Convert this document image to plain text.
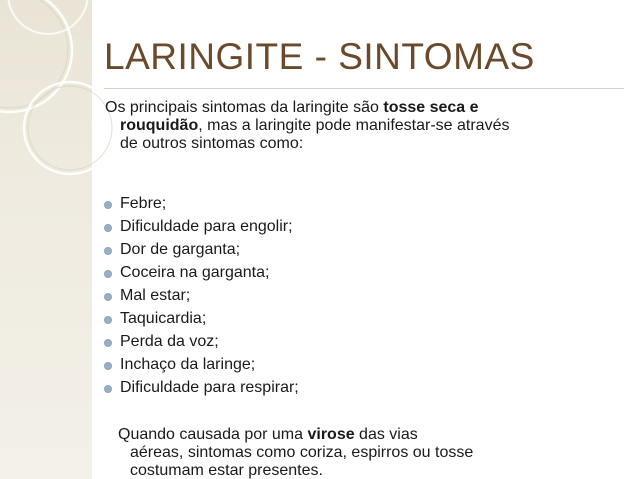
LARINGITE - SINTOMAS
Os principais sintomas da laringite são tosse seca e
rouquidão, mas a laringite pode manifestar-se através
de outros sintomas como:
Febre;
Dificuldade para engolir;
Dor de garganta;
Coceira na garganta;
Mal estar;
Taquicardia;
Perda da voz;
Inchaço da laringe;
Dificuldade para respirar;
Quando causada por uma virose das vias
aéreas, sintomas como coriza, espirros ou tosse
costumam estar presentes.
